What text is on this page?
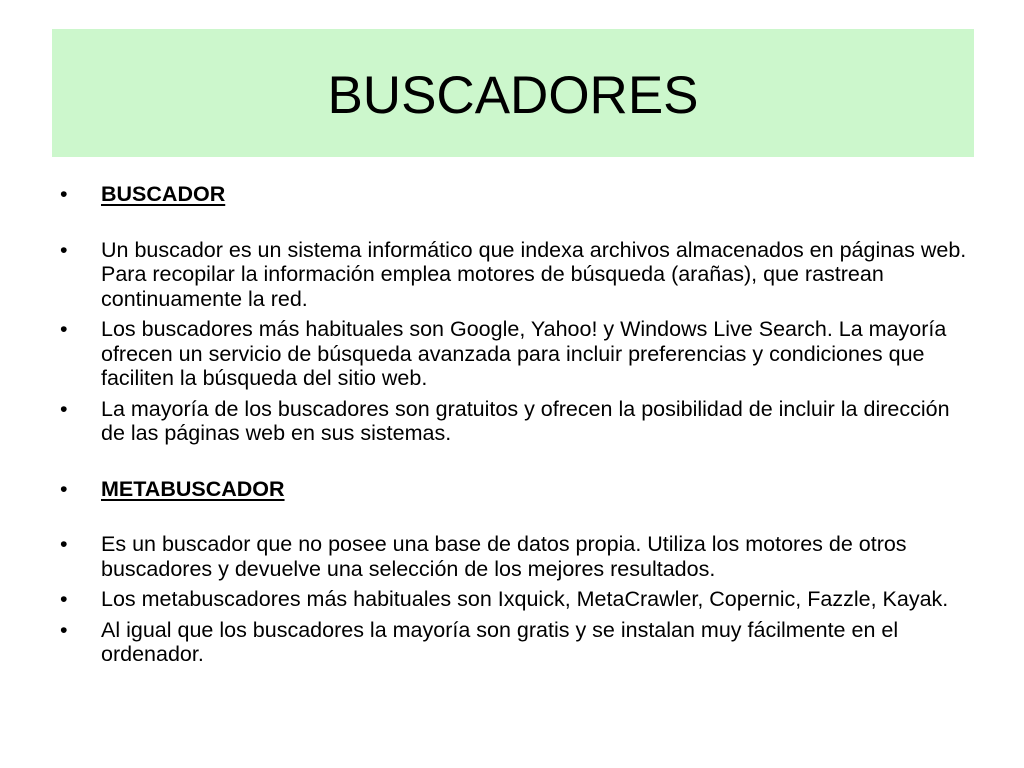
BUSCADORES
• BUSCADOR
• Un buscador es un sistema informático que indexa archivos almacenados en páginas web. Para recopilar la información emplea motores de búsqueda (arañas), que rastrean continuamente la red.
• Los buscadores más habituales son Google, Yahoo! y Windows Live Search. La mayoría ofrecen un servicio de búsqueda avanzada para incluir preferencias y condiciones que faciliten la búsqueda del sitio web.
• La mayoría de los buscadores son gratuitos y ofrecen la posibilidad de incluir la dirección de las páginas web en sus sistemas.
• METABUSCADOR
• Es un buscador que no posee una base de datos propia. Utiliza los motores de otros buscadores y devuelve una selección de los mejores resultados.
• Los metabuscadores más habituales son Ixquick, MetaCrawler, Copernic, Fazzle, Kayak.
• Al igual que los buscadores la mayoría son gratis y se instalan muy fácilmente en el ordenador.
